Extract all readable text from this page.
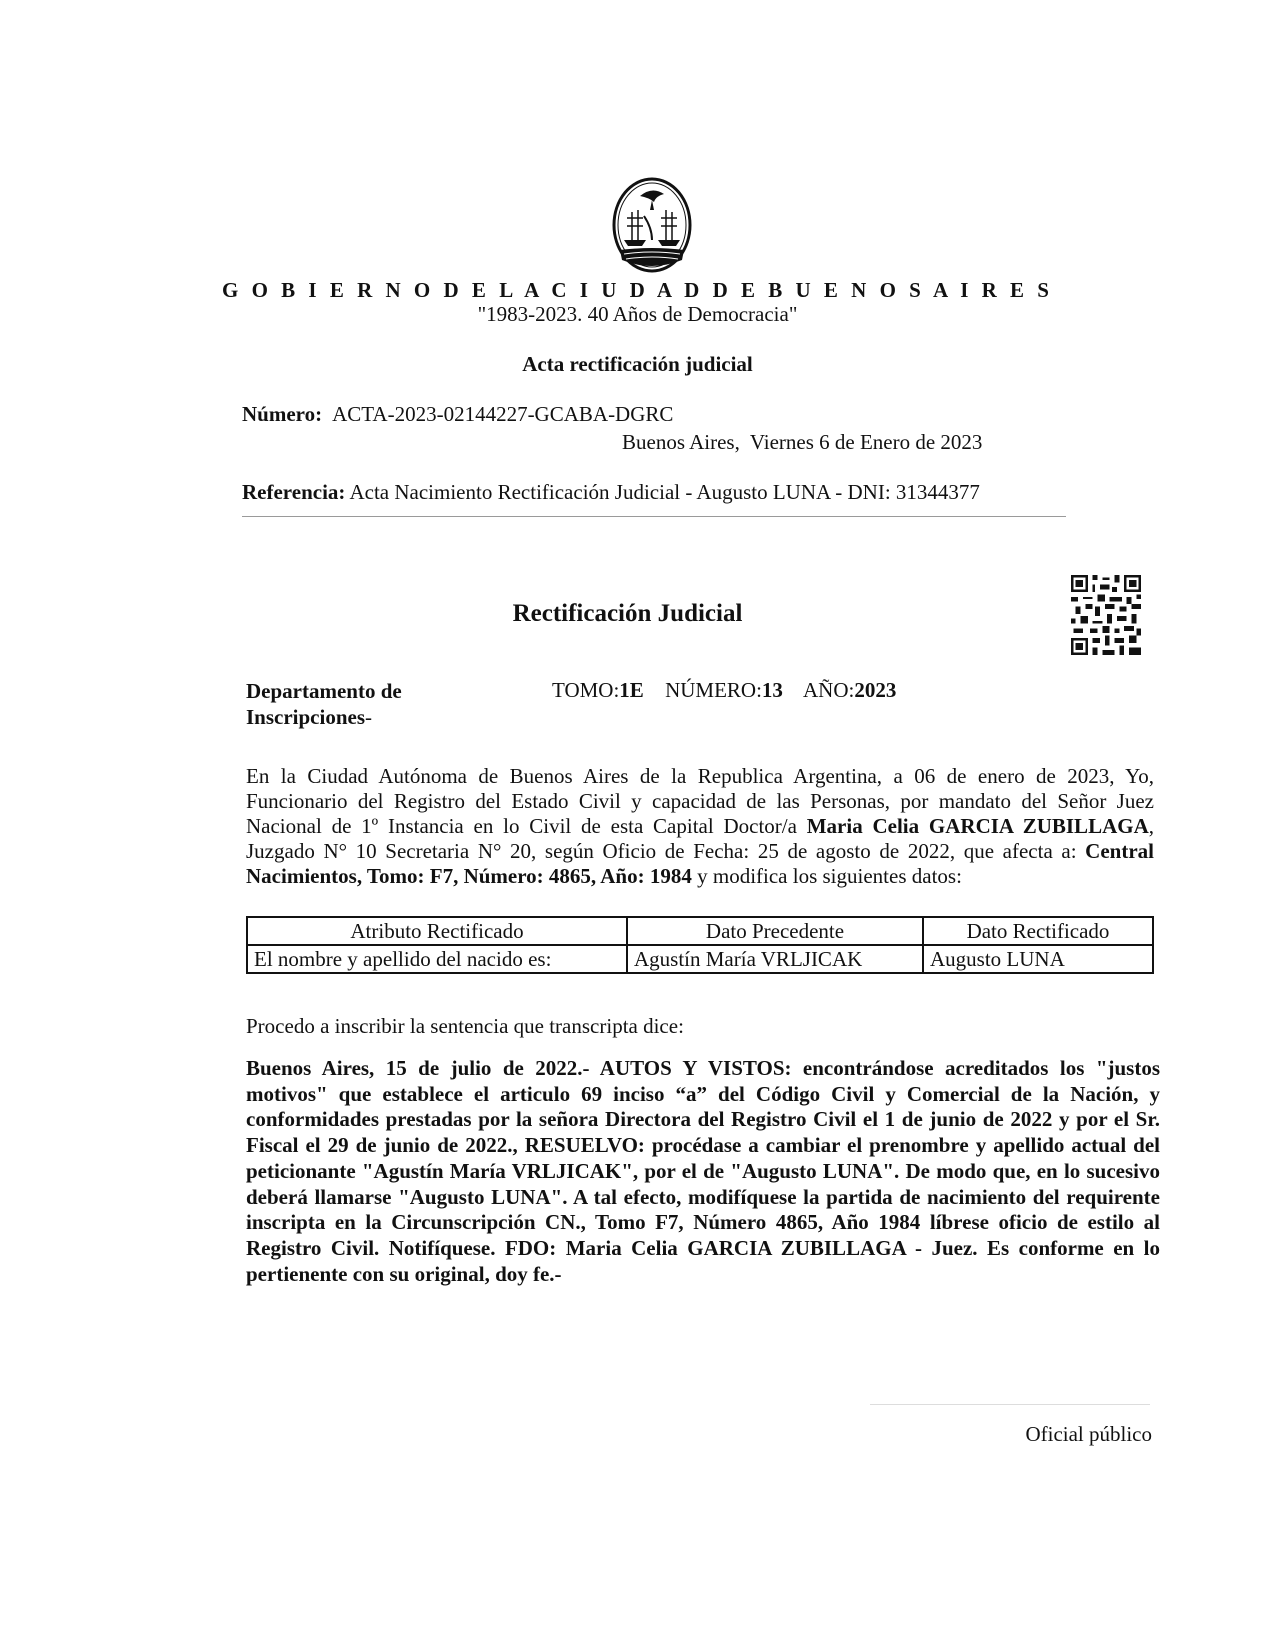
G O B I E R N O D E L A C I U D A D D E B U E N O S A I R E S
"1983-2023. 40 Años de Democracia"
Acta rectificación judicial
Número: ACTA-2023-02144227-GCABA-DGRC
Buenos Aires, Viernes 6 de Enero de 2023
Referencia: Acta Nacimiento Rectificación Judicial - Augusto LUNA - DNI: 31344377
Rectificación Judicial
Departamento de
Inscripciones-
TOMO:1E NÚMERO:13 AÑO:2023
En la Ciudad Autónoma de Buenos Aires de la Republica Argentina, a 06 de enero de 2023, Yo, Funcionario del Registro del Estado Civil y capacidad de las Personas, por mandato del Señor Juez Nacional de 1º Instancia en lo Civil de esta Capital Doctor/a Maria Celia GARCIA ZUBILLAGA, Juzgado N° 10 Secretaria N° 20, según Oficio de Fecha: 25 de agosto de 2022, que afecta a: Central Nacimientos, Tomo: F7, Número: 4865, Año: 1984 y modifica los siguientes datos:
Atributo Rectificado	Dato Precedente	Dato Rectificado
El nombre y apellido del nacido es:	Agustín María VRLJICAK	Augusto LUNA
Procedo a inscribir la sentencia que transcripta dice:
Buenos Aires, 15 de julio de 2022.- AUTOS Y VISTOS: encontrándose acreditados los "justos motivos" que establece el articulo 69 inciso “a” del Código Civil y Comercial de la Nación, y conformidades prestadas por la señora Directora del Registro Civil el 1 de junio de 2022 y por el Sr. Fiscal el 29 de junio de 2022., RESUELVO: procédase a cambiar el prenombre y apellido actual del peticionante "Agustín María VRLJICAK", por el de "Augusto LUNA". De modo que, en lo sucesivo deberá llamarse "Augusto LUNA". A tal efecto, modifíquese la partida de nacimiento del requirente inscripta en la Circunscripción CN., Tomo F7, Número 4865, Año 1984 líbrese oficio de estilo al Registro Civil. Notifíquese. FDO: Maria Celia GARCIA ZUBILLAGA - Juez. Es conforme en lo pertienente con su original, doy fe.-
Oficial público
